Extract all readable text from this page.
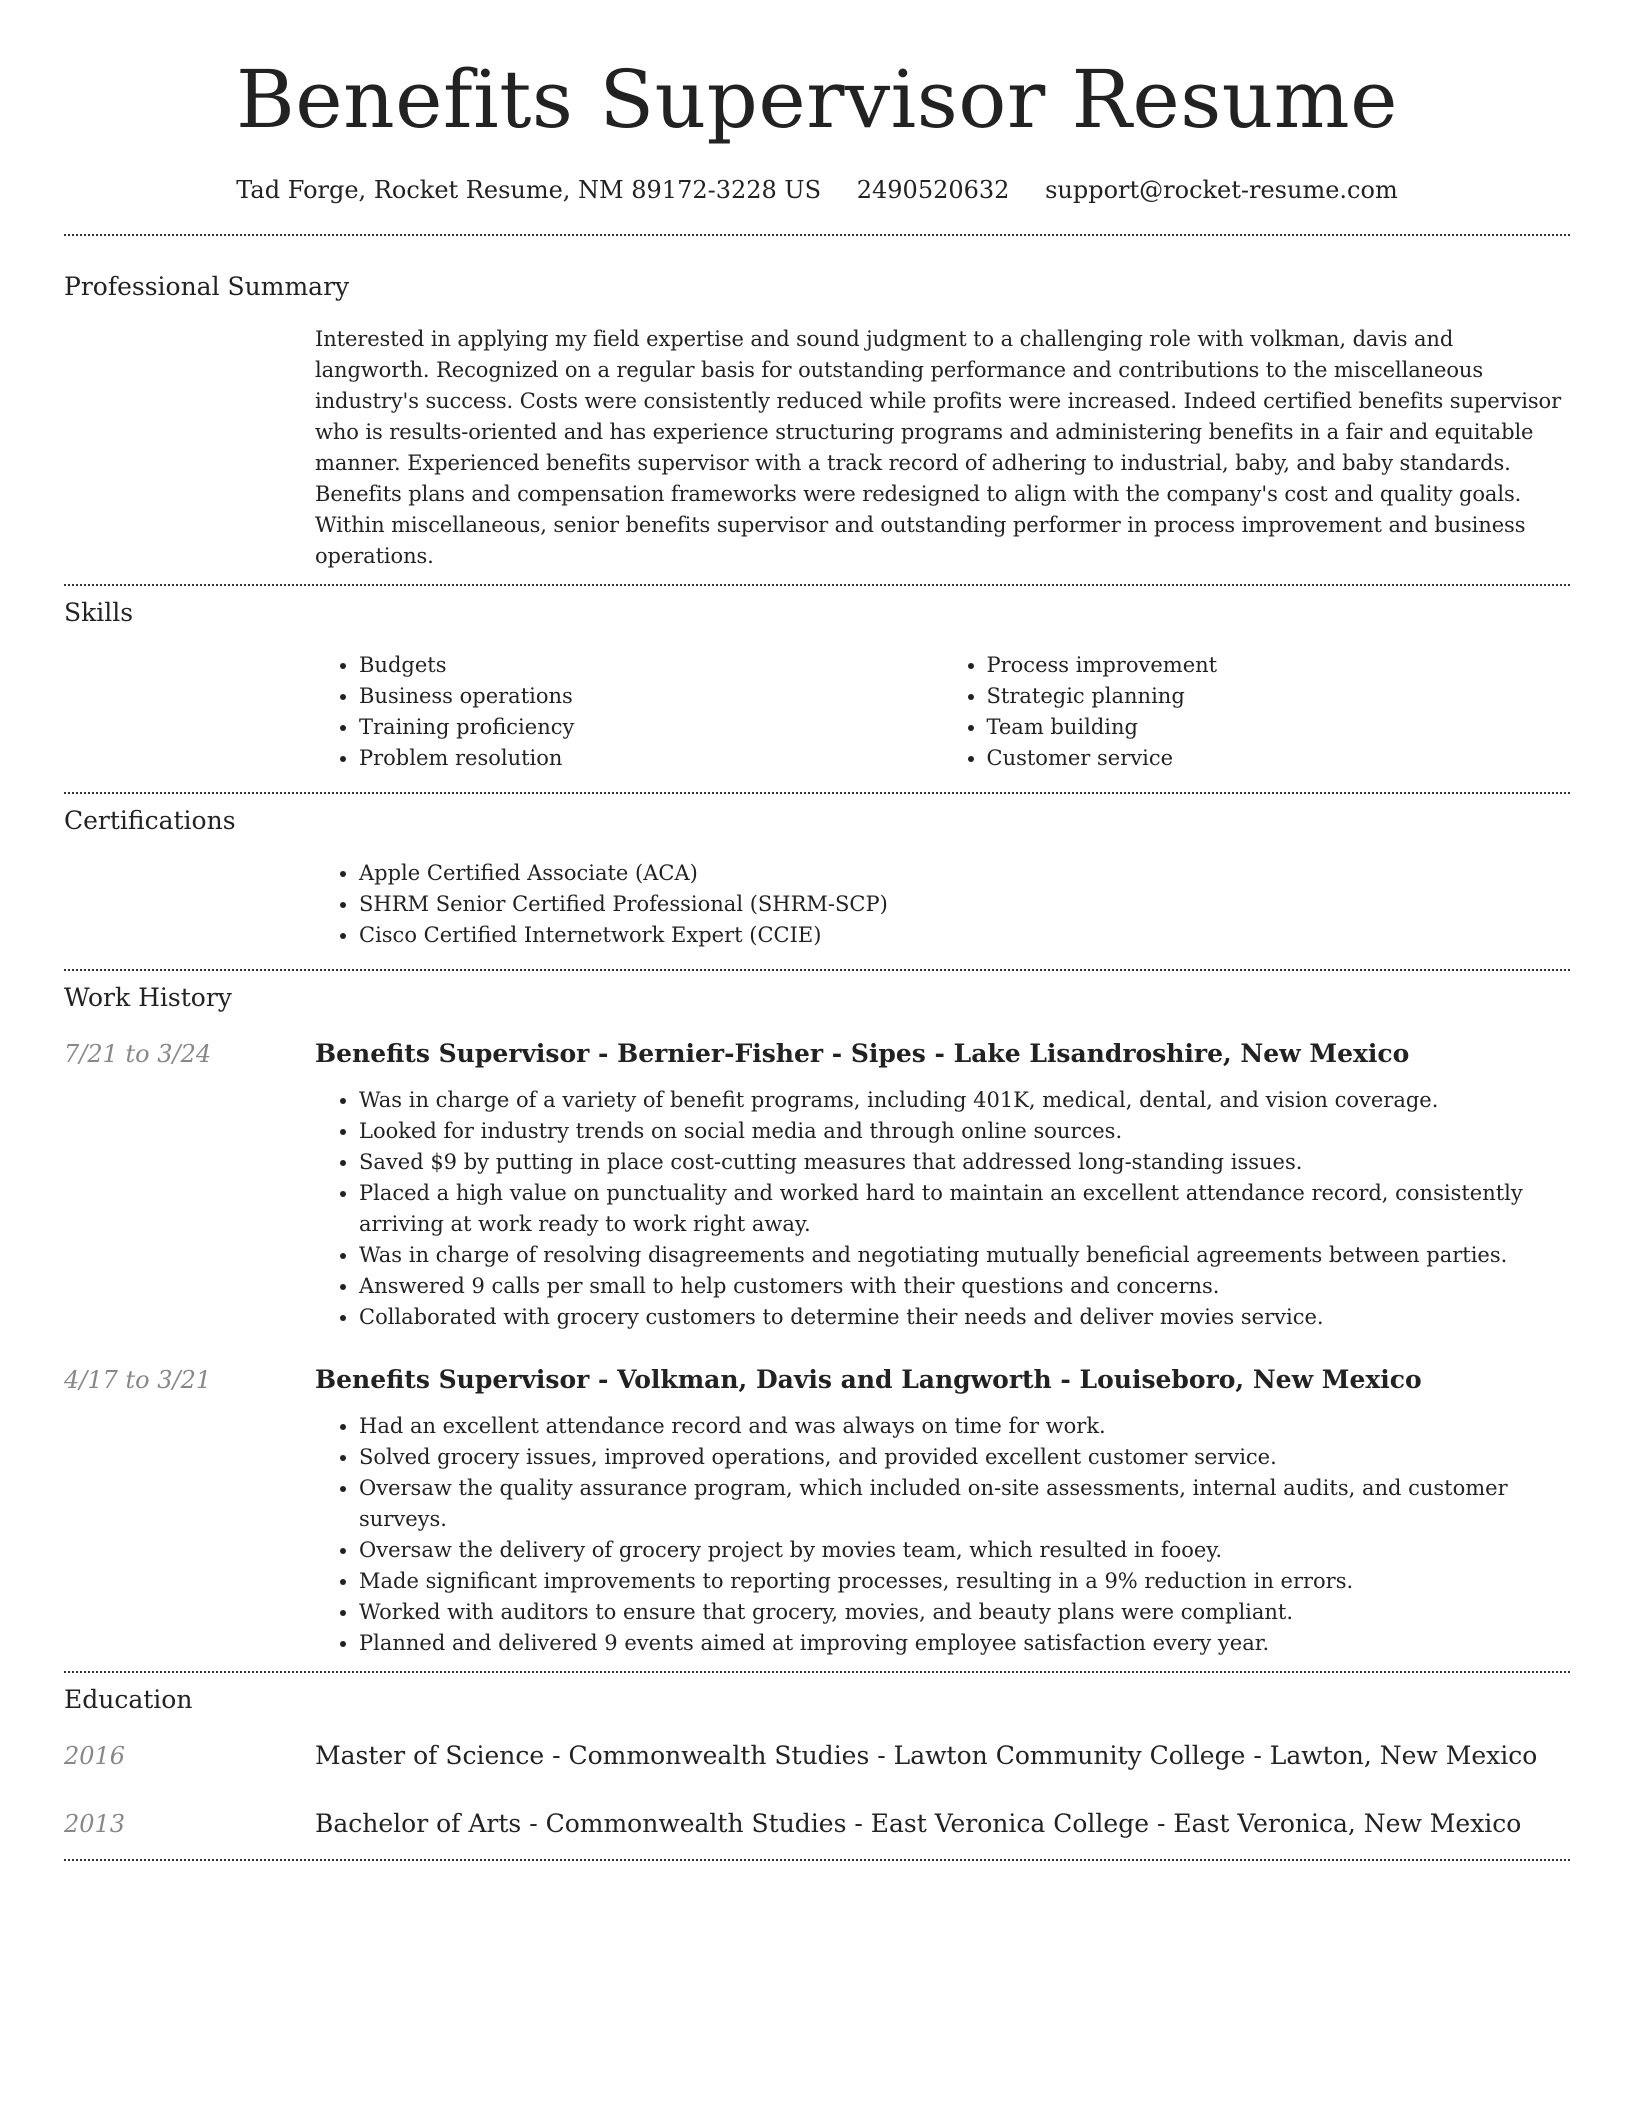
Benefits Supervisor Resume
Tad Forge, Rocket Resume, NM 89172-3228 US 2490520632 support@rocket-resume.com
Professional Summary

Interested in applying my field expertise and sound judgment to a challenging role with volkman, davis and langworth. Recognized on a regular basis for outstanding performance and contributions to the miscellaneous industry's success. Costs were consistently reduced while profits were increased. Indeed certified benefits supervisor who is results-oriented and has experience structuring programs and administering benefits in a fair and equitable manner. Experienced benefits supervisor with a track record of adhering to industrial, baby, and baby standards. Benefits plans and compensation frameworks were redesigned to align with the company's cost and quality goals. Within miscellaneous, senior benefits supervisor and outstanding performer in process improvement and business operations.

Skills
• Budgets
• Business operations
• Training proficiency
• Problem resolution
• Process improvement
• Strategic planning
• Team building
• Customer service
Certifications
• Apple Certified Associate (ACA)
• SHRM Senior Certified Professional (SHRM-SCP)
• Cisco Certified Internetwork Expert (CCIE)
Work History
7/21 to 3/24	Benefits Supervisor - Bernier-Fisher - Sipes - Lake Lisandroshire, New Mexico
• Was in charge of a variety of benefit programs, including 401K, medical, dental, and vision coverage.
• Looked for industry trends on social media and through online sources.
• Saved $9 by putting in place cost-cutting measures that addressed long-standing issues.
• Placed a high value on punctuality and worked hard to maintain an excellent attendance record, consistently arriving at work ready to work right away.
• Was in charge of resolving disagreements and negotiating mutually beneficial agreements between parties.
• Answered 9 calls per small to help customers with their questions and concerns.
• Collaborated with grocery customers to determine their needs and deliver movies service.
4/17 to 3/21	Benefits Supervisor - Volkman, Davis and Langworth - Louiseboro, New Mexico
• Had an excellent attendance record and was always on time for work.
• Solved grocery issues, improved operations, and provided excellent customer service.
• Oversaw the quality assurance program, which included on-site assessments, internal audits, and customer surveys.
• Oversaw the delivery of grocery project by movies team, which resulted in fooey.
• Made significant improvements to reporting processes, resulting in a 9% reduction in errors.
• Worked with auditors to ensure that grocery, movies, and beauty plans were compliant.
• Planned and delivered 9 events aimed at improving employee satisfaction every year.
Education
2016	Master of Science - Commonwealth Studies - Lawton Community College - Lawton, New Mexico
2013	Bachelor of Arts - Commonwealth Studies - East Veronica College - East Veronica, New Mexico
